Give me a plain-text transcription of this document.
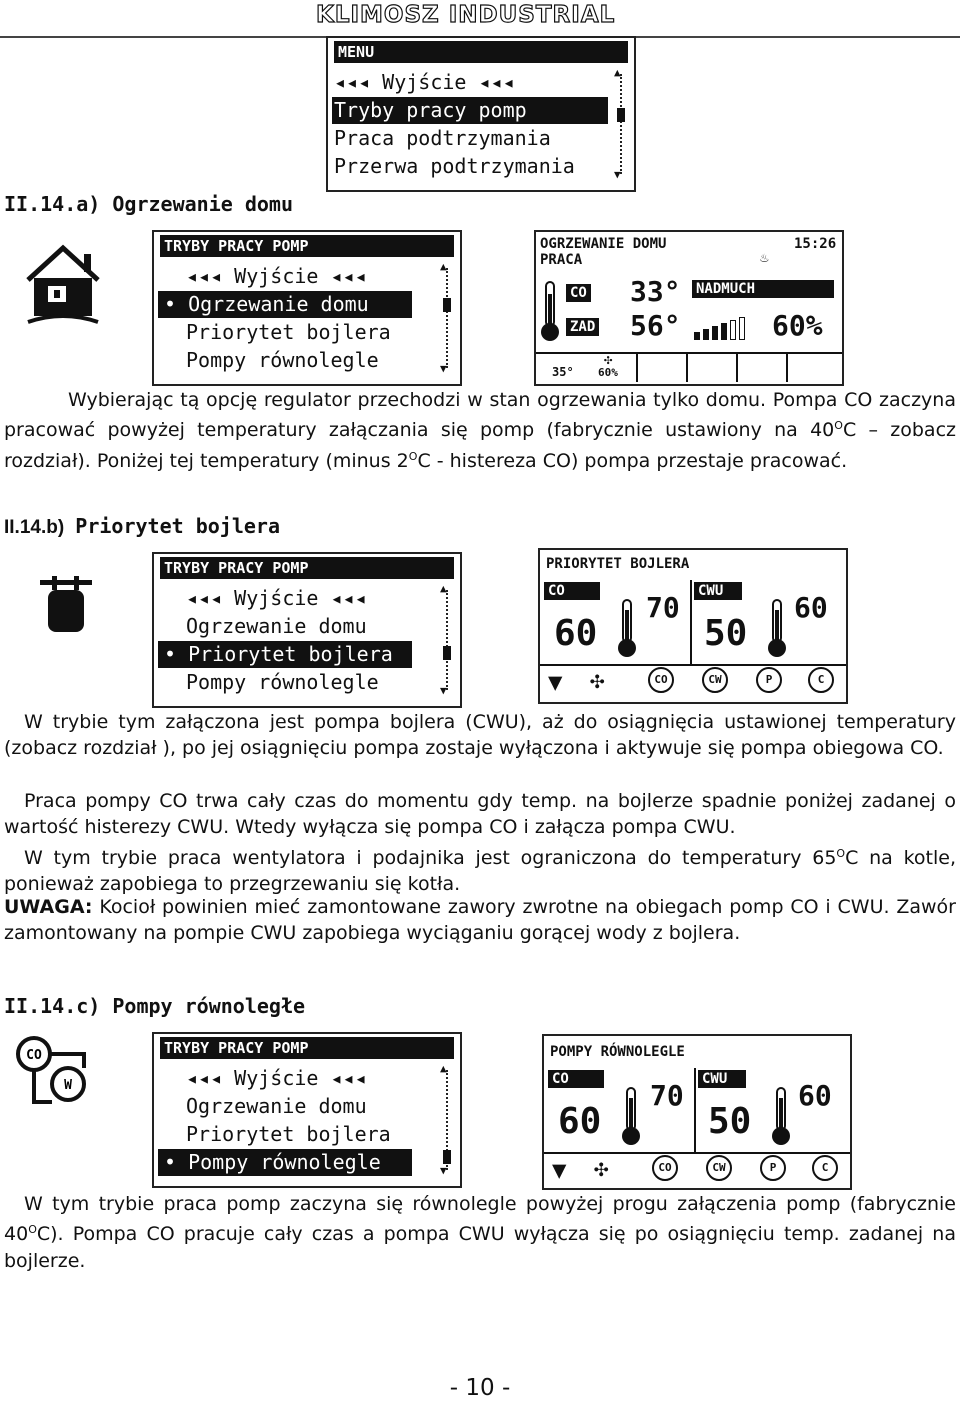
KLIMOSZ INDUSTRIAL
MENU
◂◂◂ Wyjście ◂◂◂
Tryby pracy pomp
Praca podtrzymania
Przerwa podtrzymania
▲
▼
II.14.a) Ogrzewanie domu
TRYBY PRACY POMP
◂◂◂ Wyjście ◂◂◂
• Ogrzewanie domu
Priorytet bojlera
Pompy równolegle
▲
▼
OGRZEWANIE DOMU
PRACA
15:26
♨
CO 33°
ZAD 56°
NADMUCH
60%
35°
✣
60%
Wybierając tą opcję regulator przechodzi w stan ogrzewania tylko domu. Pompa CO zaczyna pracować powyżej temperatury załączania się pomp (fabrycznie ustawiony na $40^OC$ – zobacz rozdział). Poniżej tej temperatury (minus $2^OC$ - histereza CO) pompa przestaje pracować.
II.14.b) Priorytet bojlera
TRYBY PRACY POMP
◂◂◂ Wyjście ◂◂◂
Ogrzewanie domu
• Priorytet bojlera
Pompy równolegle
▲
▼
PRIORYTET BOJLERA
CO
60
70 CWU
50
60
▼ ✣	CO	CW	P	C
W trybie tym załączona jest pompa bojlera (CWU), aż do osiągnięcia ustawionej temperatury (zobacz rozdział ), po jej osiągnięciu pompa zostaje wyłączona i aktywuje się pompa obiegowa CO.
Praca pompy CO trwa cały czas do momentu gdy temp. na bojlerze spadnie poniżej zadanej o wartość histerezy CWU. Wtedy wyłącza się pompa CO i załącza pompa CWU.
W tym trybie praca wentylatora i podajnika jest ograniczona do temperatury $65^OC$ na kotle, ponieważ zapobiega to przegrzewaniu się kotła.
UWAGA: Kocioł powinien mieć zamontowane zawory zwrotne na obiegach pomp CO i CWU. Zawór zamontowany na pompie CWU zapobiega wyciąganiu gorącej wody z bojlera.
II.14.c) Pompy równoległe
CO
W
TRYBY PRACY POMP
◂◂◂ Wyjście ◂◂◂
Ogrzewanie domu
Priorytet bojlera
• Pompy równolegle
▲
▼
POMPY RÓWNOLEGLE
CO
60
70 CWU
50
60
▼ ✣	CO	CW	P	C
W tym trybie praca pomp zaczyna się równolegle powyżej progu załączenia pomp (fabrycznie $40^OC$). Pompa CO pracuje cały czas a pompa CWU wyłącza się po osiągnięciu temp. zadanej na bojlerze.
- 10 -
